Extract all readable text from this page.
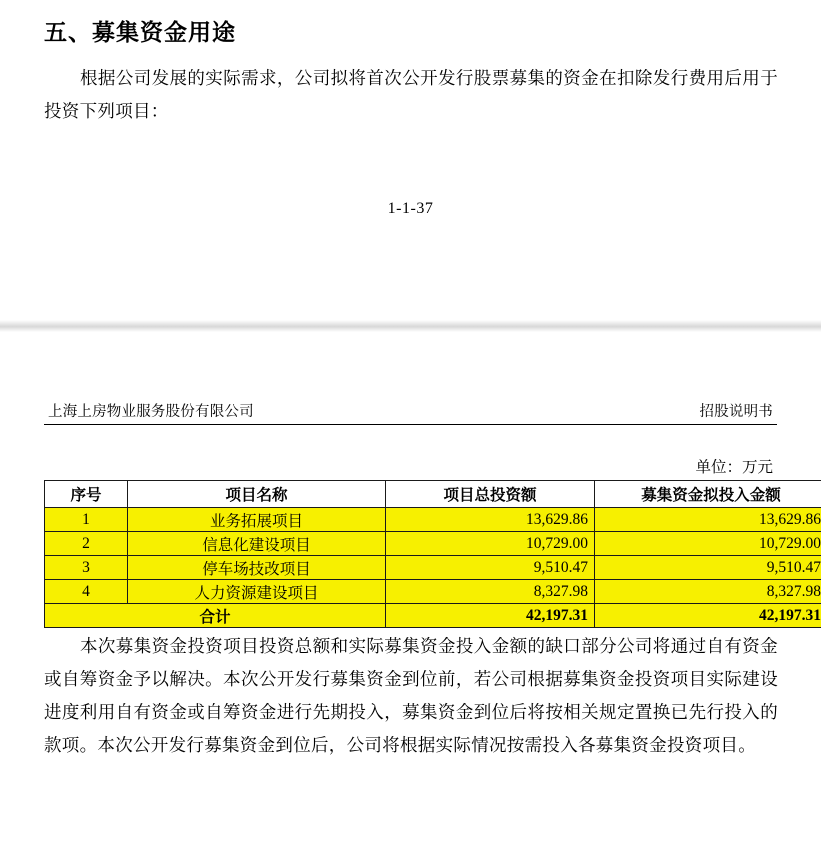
五、募集资金用途
根据公司发展的实际需求，公司拟将首次公开发行股票募集的资金在扣除发行费用后用于投资下列项目：
1-1-37
上海上房物业服务股份有限公司	招股说明书
单位：万元
序号	项目名称	项目总投资额	募集资金拟投入金额
1	业务拓展项目	13,629.86	13,629.86
2	信息化建设项目	10,729.00	10,729.00
3	停车场技改项目	9,510.47	9,510.47
4	人力资源建设项目	8,327.98	8,327.98
合计		42,197.31	42,197.31
本次募集资金投资项目投资总额和实际募集资金投入金额的缺口部分公司将通过自有资金或自筹资金予以解决。本次公开发行募集资金到位前，若公司根据募集资金投资项目实际建设进度利用自有资金或自筹资金进行先期投入，募集资金到位后将按相关规定置换已先行投入的款项。本次公开发行募集资金到位后，公司将根据实际情况按需投入各募集资金投资项目。
